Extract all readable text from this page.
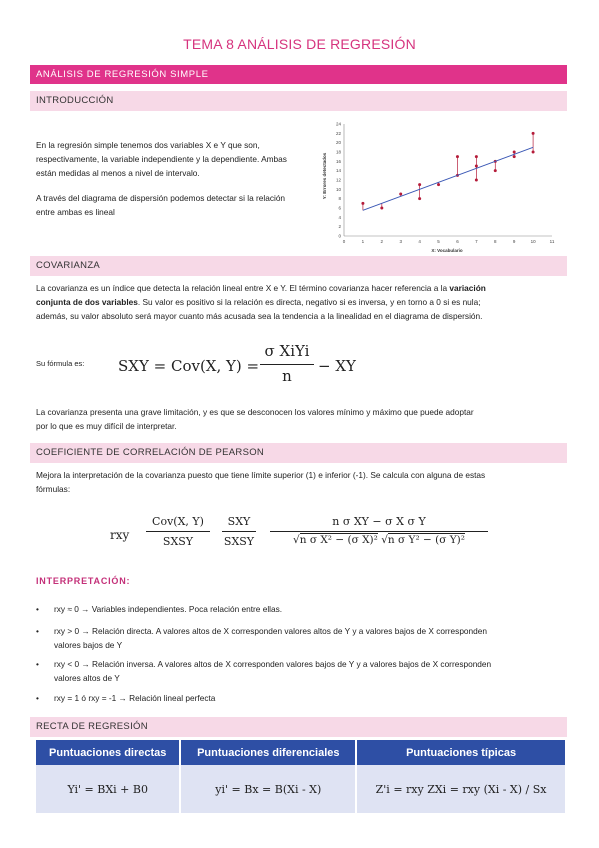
TEMA 8 ANÁLISIS DE REGRESIÓN
ANÁLISIS DE REGRESIÓN SIMPLE
INTRODUCCIÓN
En la regresión simple tenemos dos variables X e Y que son, respectivamente, la variable independiente y la dependiente. Ambas están medidas al menos a nivel de intervalo.
A través del diagrama de dispersión podemos detectar si la relación entre ambas es lineal
0	1	2	3	4	5	6	7	8	9	10	11
0
2
4
6
8
10
12
14
16
18
20
22
24
X: Vocabulario
Y: Errores detectados
COVARIANZA
La covarianza es un índice que detecta la relación lineal entre X e Y. El término covarianza hacer referencia a la variación
conjunta de dos variables. Su valor es positivo si la relación es directa, negativo si es inversa, y en torno a 0 si es nula;
además, su valor absoluto será mayor cuanto más acusada sea la tendencia a la linealidad en el diagrama de dispersión.
Su fórmula es: SXY = Cov(X, Y) =
σ XiYi
n
− XY
La covarianza presenta una grave limitación, y es que se desconocen los valores mínimo y máximo que puede adoptar
por lo que es muy difícil de interpretar.
COEFICIENTE DE CORRELACIÓN DE PEARSON
Mejora la interpretación de la covarianza puesto que tiene límite superior (1) e inferior (-1). Se calcula con alguna de estas
fórmulas:
rxy
Cov(X, Y)
SXSY
SXY
SXSY
n σ XY − σ X σ Y
√n σ X² − (σ X)² √n σ Y² − (σ Y)²
INTERPRETACIÓN:
• rxy ≈ 0 → Variables independientes. Poca relación entre ellas.
• rxy > 0 → Relación directa. A valores altos de X corresponden valores altos de Y y a valores bajos de X corresponden
valores bajos de Y
• rxy < 0 → Relación inversa. A valores altos de X corresponden valores bajos de Y y a valores bajos de X corresponden
valores altos de Y
• rxy = 1 ó rxy = -1 → Relación lineal perfecta
RECTA DE REGRESIÓN
Puntuaciones directas	Puntuaciones diferenciales	Puntuaciones típicas
Yi' = BXi + B0	yi' = Bx = B(Xi - X)	Z'i = rxy ZXi = rxy (Xi - X) / Sx
